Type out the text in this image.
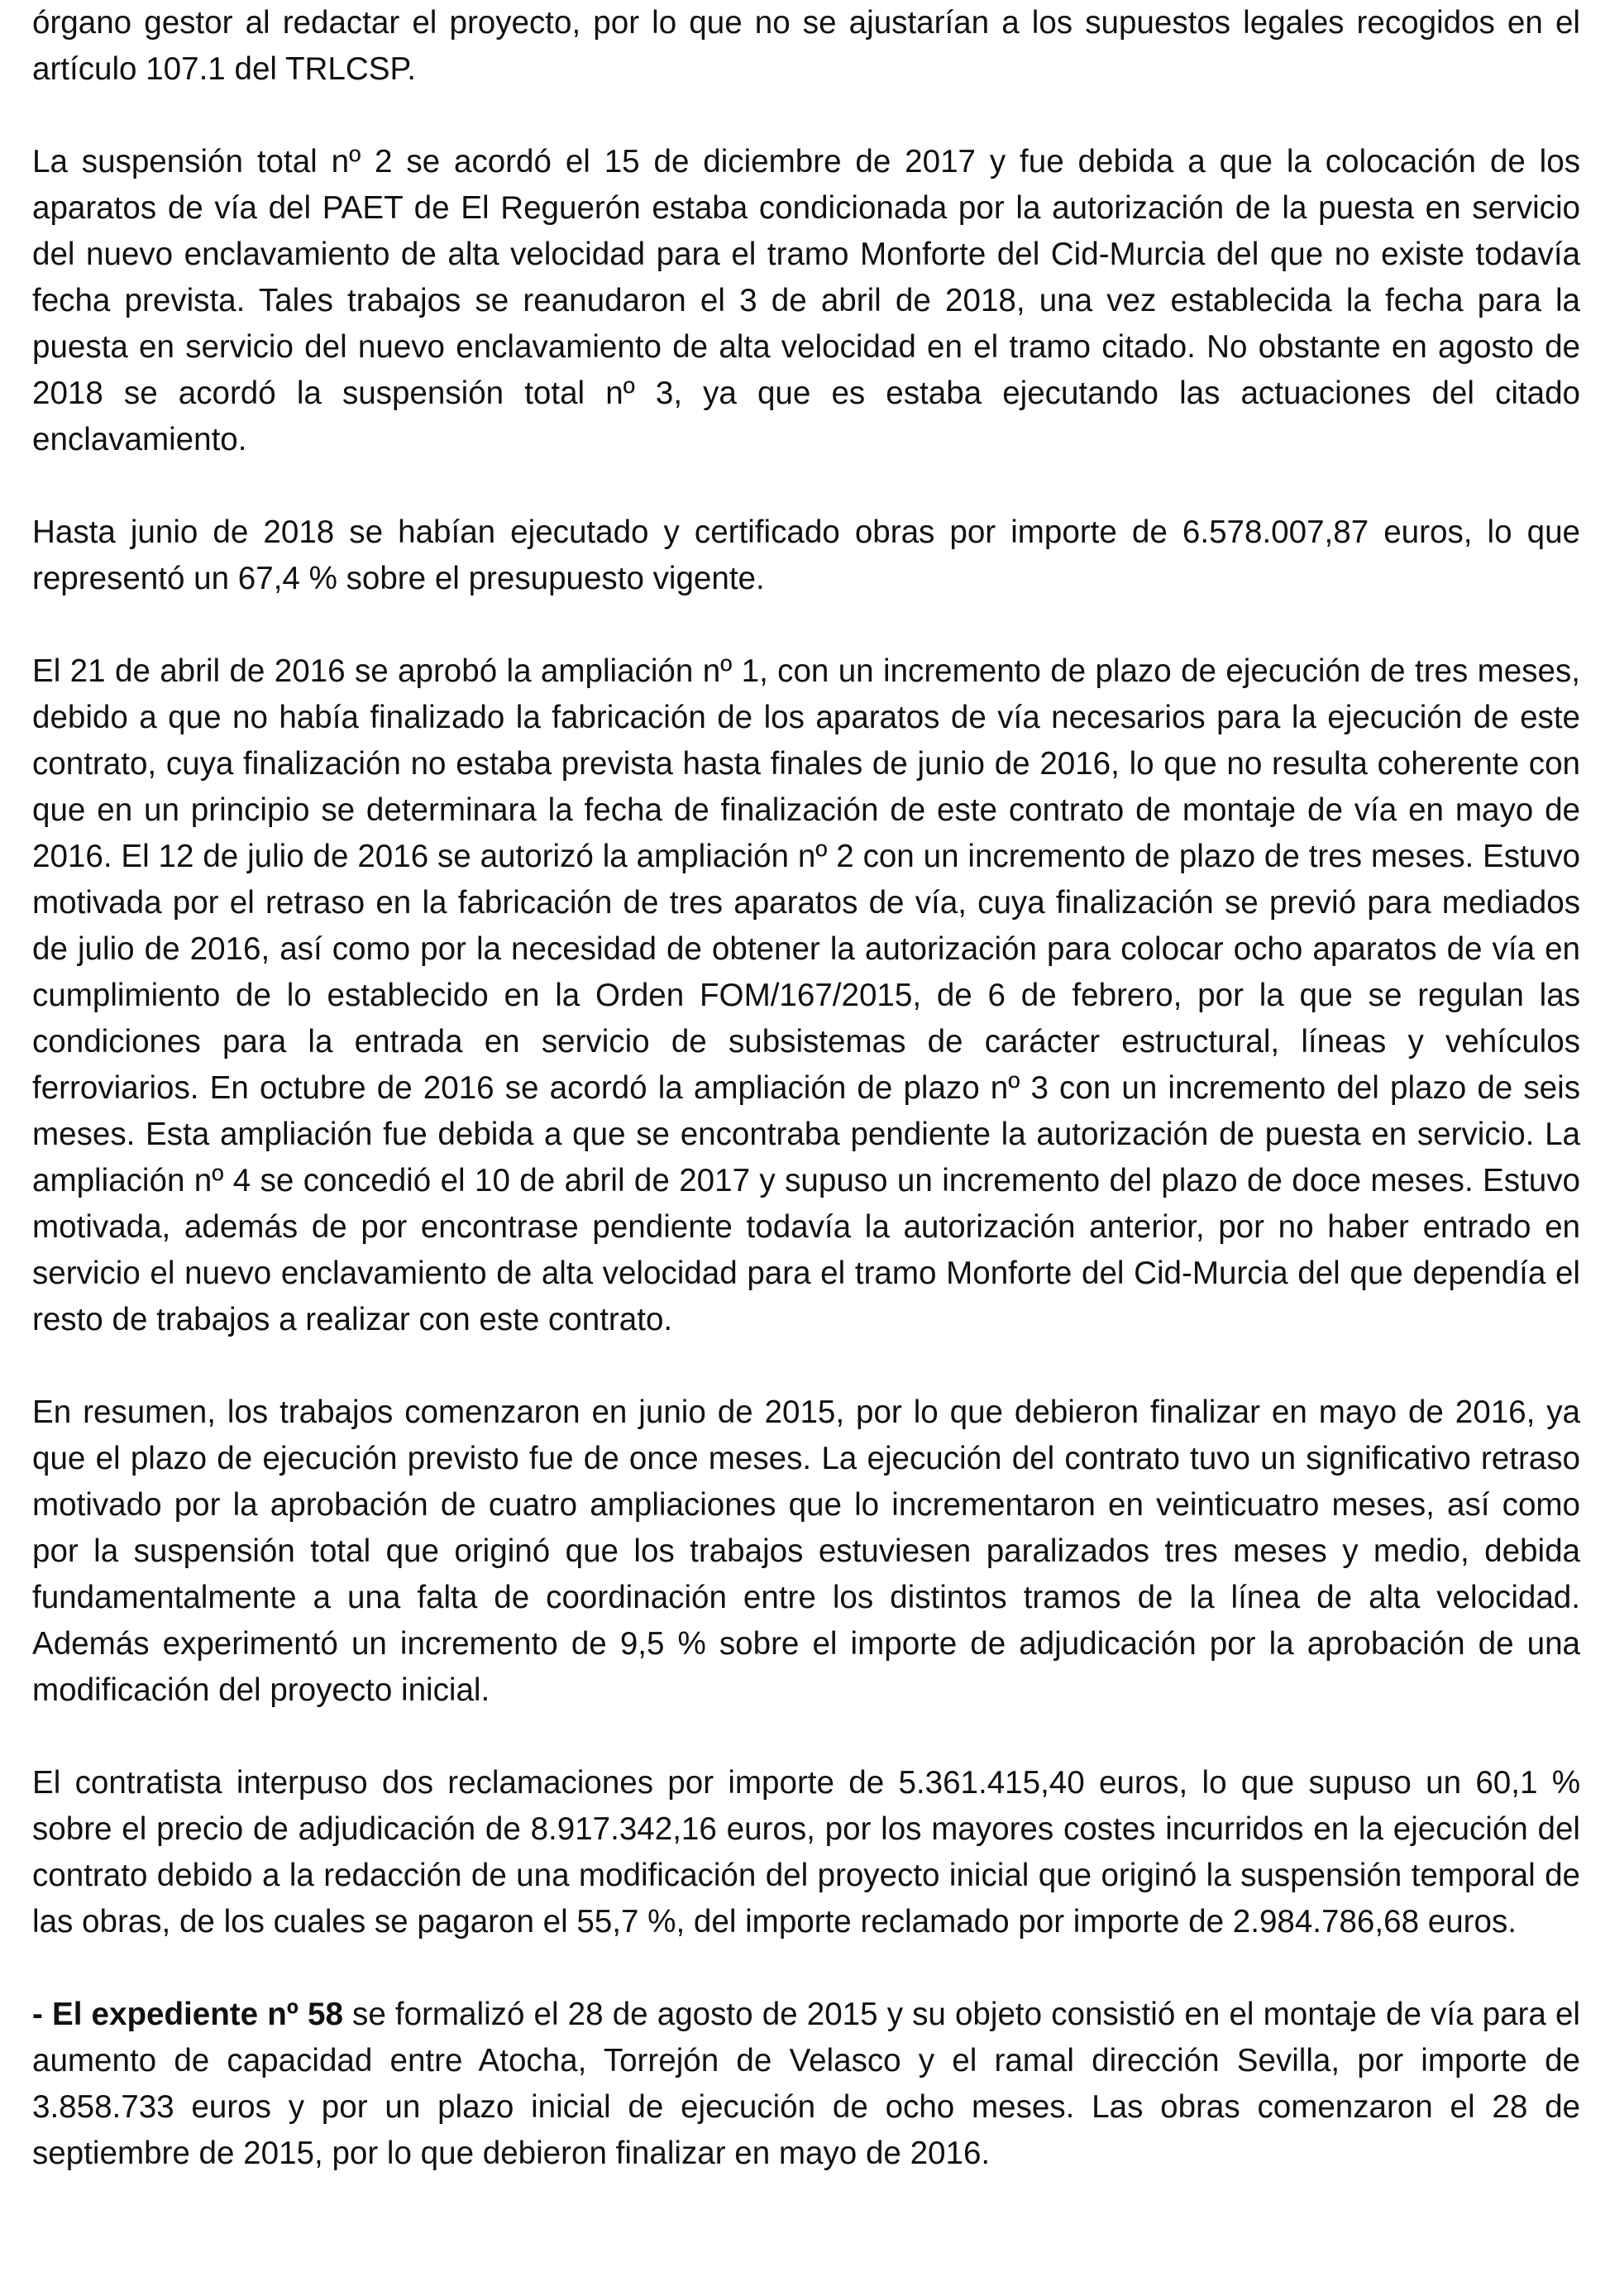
órgano gestor al redactar el proyecto, por lo que no se ajustarían a los supuestos legales recogidos en el artículo 107.1 del TRLCSP.

La suspensión total nº 2 se acordó el 15 de diciembre de 2017 y fue debida a que la colocación de los aparatos de vía del PAET de El Reguerón estaba condicionada por la autorización de la puesta en servicio del nuevo enclavamiento de alta velocidad para el tramo Monforte del Cid-Murcia del que no existe todavía fecha prevista. Tales trabajos se reanudaron el 3 de abril de 2018, una vez establecida la fecha para la puesta en servicio del nuevo enclavamiento de alta velocidad en el tramo citado. No obstante en agosto de 2018 se acordó la suspensión total nº 3, ya que es estaba ejecutando las actuaciones del citado enclavamiento.

Hasta junio de 2018 se habían ejecutado y certificado obras por importe de 6.578.007,87 euros, lo que representó un 67,4 % sobre el presupuesto vigente.

El 21 de abril de 2016 se aprobó la ampliación nº 1, con un incremento de plazo de ejecución de tres meses, debido a que no había finalizado la fabricación de los aparatos de vía necesarios para la ejecución de este contrato, cuya finalización no estaba prevista hasta finales de junio de 2016, lo que no resulta coherente con que en un principio se determinara la fecha de finalización de este contrato de montaje de vía en mayo de 2016. El 12 de julio de 2016 se autorizó la ampliación nº 2 con un incremento de plazo de tres meses. Estuvo motivada por el retraso en la fabricación de tres aparatos de vía, cuya finalización se previó para mediados de julio de 2016, así como por la necesidad de obtener la autorización para colocar ocho aparatos de vía en cumplimiento de lo establecido en la Orden FOM/167/2015, de 6 de febrero, por la que se regulan las condiciones para la entrada en servicio de subsistemas de carácter estructural, líneas y vehículos ferroviarios. En octubre de 2016 se acordó la ampliación de plazo nº 3 con un incremento del plazo de seis meses. Esta ampliación fue debida a que se encontraba pendiente la autorización de puesta en servicio. La ampliación nº 4 se concedió el 10 de abril de 2017 y supuso un incremento del plazo de doce meses. Estuvo motivada, además de por encontrase pendiente todavía la autorización anterior, por no haber entrado en servicio el nuevo enclavamiento de alta velocidad para el tramo Monforte del Cid-Murcia del que dependía el resto de trabajos a realizar con este contrato.

En resumen, los trabajos comenzaron en junio de 2015, por lo que debieron finalizar en mayo de 2016, ya que el plazo de ejecución previsto fue de once meses. La ejecución del contrato tuvo un significativo retraso motivado por la aprobación de cuatro ampliaciones que lo incrementaron en veinticuatro meses, así como por la suspensión total que originó que los trabajos estuviesen paralizados tres meses y medio, debida fundamentalmente a una falta de coordinación entre los distintos tramos de la línea de alta velocidad. Además experimentó un incremento de 9,5 % sobre el importe de adjudicación por la aprobación de una modificación del proyecto inicial.

El contratista interpuso dos reclamaciones por importe de 5.361.415,40 euros, lo que supuso un 60,1 % sobre el precio de adjudicación de 8.917.342,16 euros, por los mayores costes incurridos en la ejecución del contrato debido a la redacción de una modificación del proyecto inicial que originó la suspensión temporal de las obras, de los cuales se pagaron el 55,7 %, del importe reclamado por importe de 2.984.786,68 euros.

- El expediente nº 58 se formalizó el 28 de agosto de 2015 y su objeto consistió en el montaje de vía para el aumento de capacidad entre Atocha, Torrejón de Velasco y el ramal dirección Sevilla, por importe de 3.858.733 euros y por un plazo inicial de ejecución de ocho meses. Las obras comenzaron el 28 de septiembre de 2015, por lo que debieron finalizar en mayo de 2016.
